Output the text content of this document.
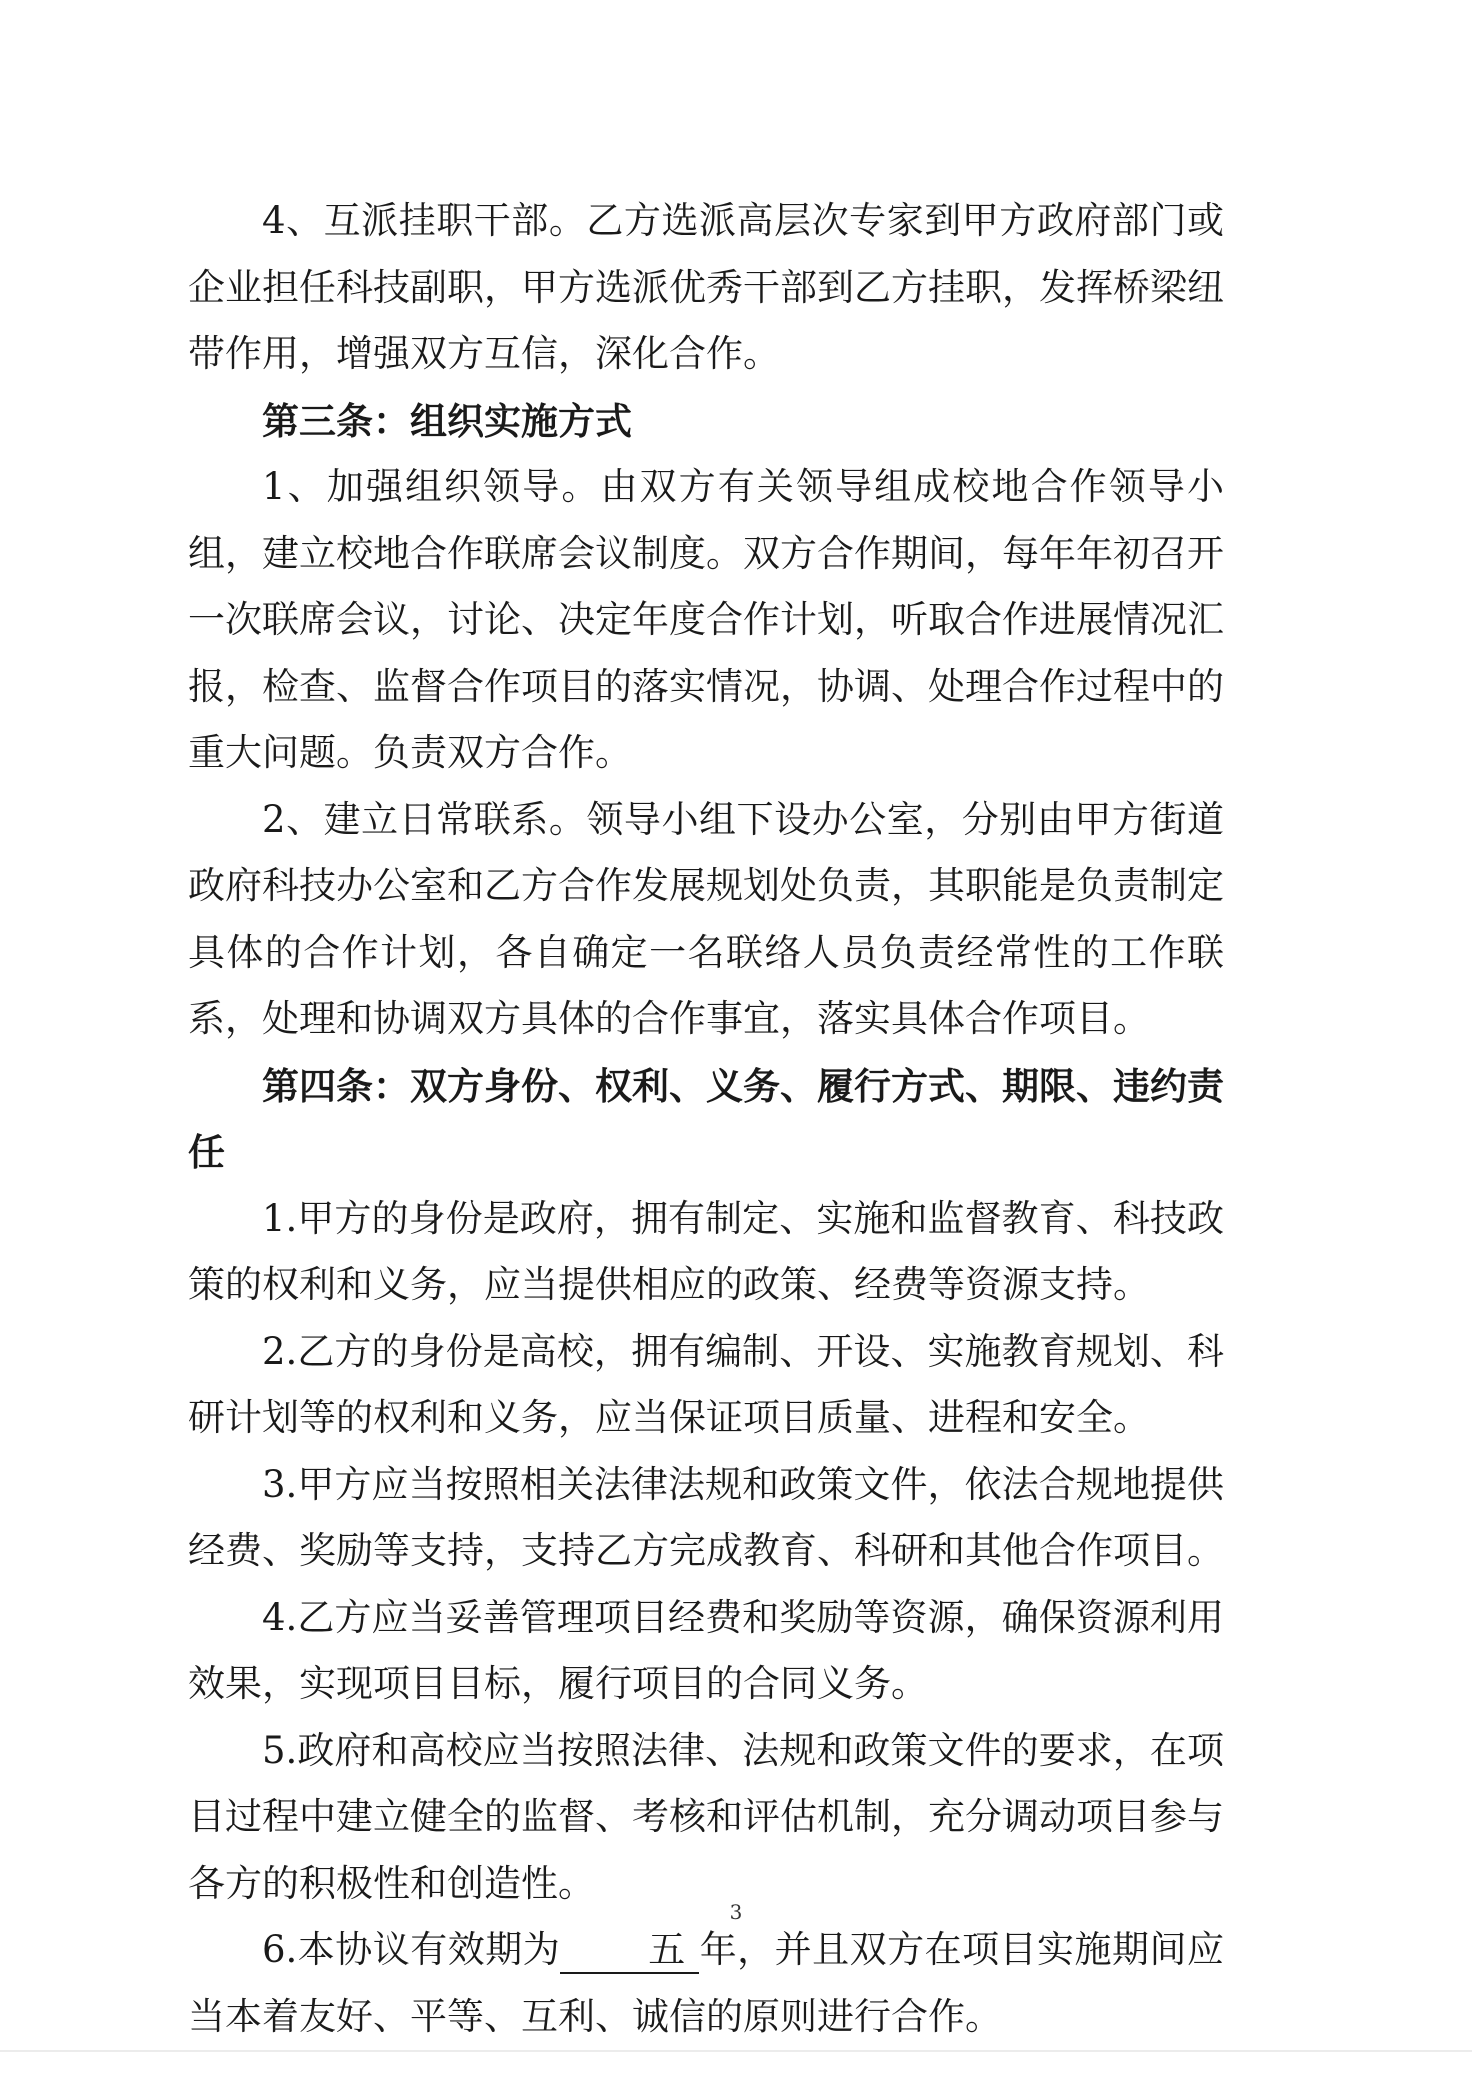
4、互派挂职干部。乙方选派高层次专家到甲方政府部门或企业担任科技副职，甲方选派优秀干部到乙方挂职，发挥桥梁纽带作用，增强双方互信，深化合作。

第三条：组织实施方式

1、加强组织领导。由双方有关领导组成校地合作领导小组，建立校地合作联席会议制度。双方合作期间，每年年初召开一次联席会议，讨论、决定年度合作计划，听取合作进展情况汇报，检查、监督合作项目的落实情况，协调、处理合作过程中的重大问题。负责双方合作。

2、建立日常联系。领导小组下设办公室，分别由甲方街道政府科技办公室和乙方合作发展规划处负责，其职能是负责制定具体的合作计划，各自确定一名联络人员负责经常性的工作联系，处理和协调双方具体的合作事宜，落实具体合作项目。

第四条：双方身份、权利、义务、履行方式、期限、违约责任

1.甲方的身份是政府，拥有制定、实施和监督教育、科技政策的权利和义务，应当提供相应的政策、经费等资源支持。

2.乙方的身份是高校，拥有编制、开设、实施教育规划、科研计划等的权利和义务，应当保证项目质量、进程和安全。

3.甲方应当按照相关法律法规和政策文件，依法合规地提供经费、奖励等支持，支持乙方完成教育、科研和其他合作项目。

4.乙方应当妥善管理项目经费和奖励等资源，确保资源利用效果，实现项目目标，履行项目的合同义务。

5.政府和高校应当按照法律、法规和政策文件的要求，在项目过程中建立健全的监督、考核和评估机制，充分调动项目参与各方的积极性和创造性。

6.本协议有效期为 五 年，并且双方在项目实施期间应当本着友好、平等、互利、诚信的原则进行合作。

3
